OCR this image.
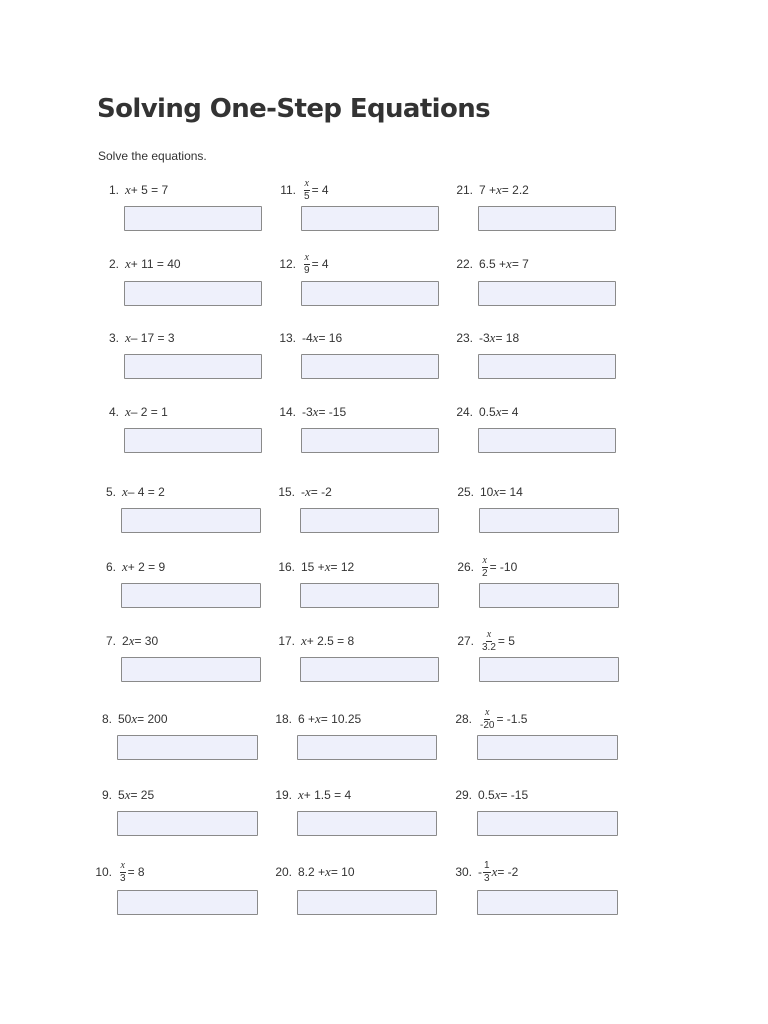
Solving One-Step Equations
Solve the equations.
1. x + 5 = 7
2. x + 11 = 40
3. x – 17 = 3
4. x – 2 = 1
5. x – 4 = 2
6. x + 2 = 9
7. 2 x = 30
8. 50 x = 200
9. 5 x = 25
10. $\frac{x}{3} = 8$
11. $\frac{x}{5} = 4$
12. $\frac{x}{9} = 4$
13. -4 x = 16
14. -3 x = -15
15. - x = -2
16. 15 + x = 12
17. x + 2.5 = 8
18. 6 + x = 10.25
19. x + 1.5 = 4
20. 8.2 + x = 10
21. 7 + x = 2.2
22. 6.5 + x = 7
23. -3 x = 18
24. 0.5 x = 4
25. 10 x = 14
26. $\frac{x}{2} = -10$
27. $\frac{x}{3.2} = 5$
28. $\frac{x}{-20} = -1.5$
29. 0.5 x = -15
30. - $\frac{1}{3}$ x = -2
